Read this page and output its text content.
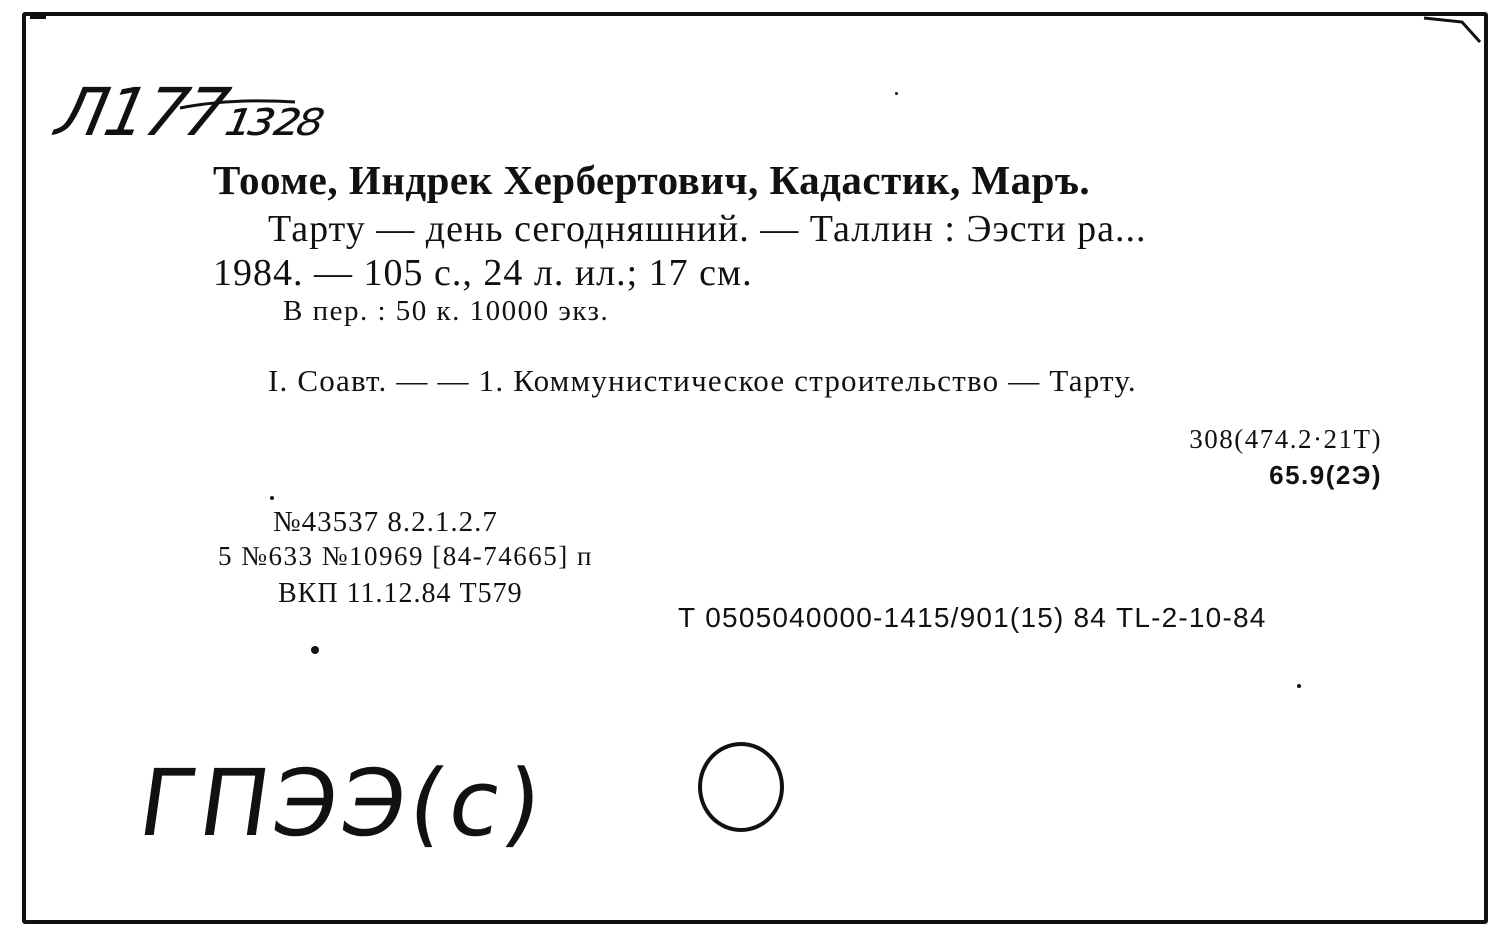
Л177₁₃₂₈
Тооме, Индрек Хербертович, Кадастик, Маръ.
Тарту — день сегодняшний. — Таллин : Ээсти ра...
1984. — 105 с., 24 л. ил.; 17 см.
В пер. : 50 к. 10000 экз.
I. Соавт. — — 1. Коммунистическое строительство — Тарту.
308(474.2·21Т)
65.9(2Э)
№43537 8.2.1.2.7
5 №633 №10969 [84-74665] п
ВКП 11.12.84 Т579
Т 0505040000-1415/901(15) 84 TL-2-10-84
ГПЭЭ(с)
